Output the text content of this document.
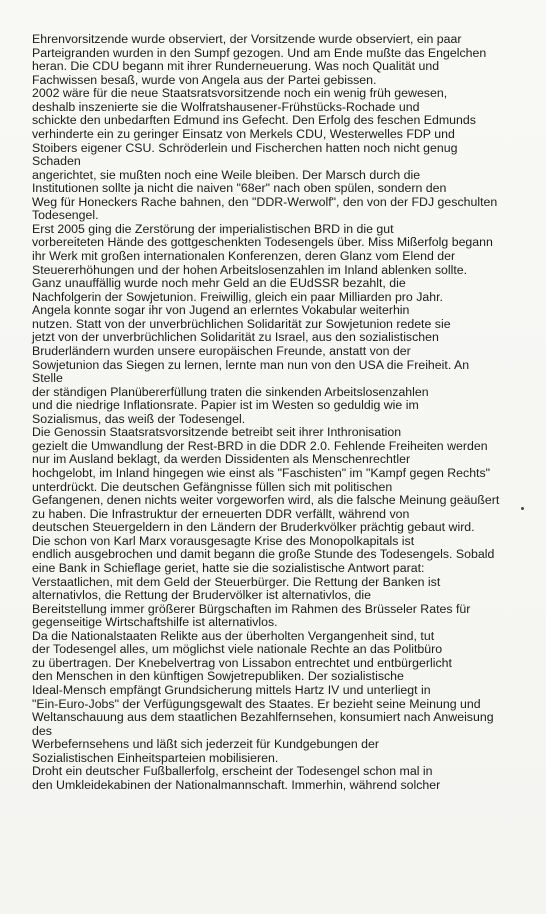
Ehrenvorsitzende wurde observiert, der Vorsitzende wurde observiert, ein paar
Parteigranden wurden in den Sumpf gezogen. Und am Ende mußte das Engelchen
heran. Die CDU begann mit ihrer Runderneuerung. Was noch Qualität und
Fachwissen besaß, wurde von Angela aus der Partei gebissen.
2002 wäre für die neue Staatsratsvorsitzende noch ein wenig früh gewesen,
deshalb inszenierte sie die Wolfratshausener-Frühstücks-Rochade und
schickte den unbedarften Edmund ins Gefecht. Den Erfolg des feschen Edmunds
verhinderte ein zu geringer Einsatz von Merkels CDU, Westerwelles FDP und
Stoibers eigener CSU. Schröderlein und Fischerchen hatten noch nicht genug
Schaden
angerichtet, sie mußten noch eine Weile bleiben. Der Marsch durch die
Institutionen sollte ja nicht die naiven "68er" nach oben spülen, sondern den
Weg für Honeckers Rache bahnen, den "DDR-Werwolf", den von der FDJ geschulten
Todesengel.
Erst 2005 ging die Zerstörung der imperialistischen BRD in die gut
vorbereiteten Hände des gottgeschenkten Todesengels über. Miss Mißerfolg begann
ihr Werk mit großen internationalen Konferenzen, deren Glanz vom Elend der
Steuererhöhungen und der hohen Arbeitslosenzahlen im Inland ablenken sollte.
Ganz unauffällig wurde noch mehr Geld an die EUdSSR bezahlt, die
Nachfolgerin der Sowjetunion. Freiwillig, gleich ein paar Milliarden pro Jahr.
Angela konnte sogar ihr von Jugend an erlerntes Vokabular weiterhin
nutzen. Statt von der unverbrüchlichen Solidarität zur Sowjetunion redete sie
jetzt von der unverbrüchlichen Solidarität zu Israel, aus den sozialistischen
Bruderländern wurden unsere europäischen Freunde, anstatt von der
Sowjetunion das Siegen zu lernen, lernte man nun von den USA die Freiheit. An
Stelle
der ständigen Planübererfüllung traten die sinkenden Arbeitslosenzahlen
und die niedrige Inflationsrate. Papier ist im Westen so geduldig wie im
Sozialismus, das weiß der Todesengel.
Die Genossin Staatsratsvorsitzende betreibt seit ihrer Inthronisation
gezielt die Umwandlung der Rest-BRD in die DDR 2.0. Fehlende Freiheiten werden
nur im Ausland beklagt, da werden Dissidenten als Menschenrechtler
hochgelobt, im Inland hingegen wie einst als "Faschisten" im "Kampf gegen Rechts"
unterdrückt. Die deutschen Gefängnisse füllen sich mit politischen
Gefangenen, denen nichts weiter vorgeworfen wird, als die falsche Meinung geäußert
zu haben. Die Infrastruktur der erneuerten DDR verfällt, während von
deutschen Steuergeldern in den Ländern der Bruderkvölker prächtig gebaut wird.
Die schon von Karl Marx vorausgesagte Krise des Monopolkapitals ist
endlich ausgebrochen und damit begann die große Stunde des Todesengels. Sobald
eine Bank in Schieflage geriet, hatte sie die sozialistische Antwort parat:
Verstaatlichen, mit dem Geld der Steuerbürger. Die Rettung der Banken ist
alternativlos, die Rettung der Brudervölker ist alternativlos, die
Bereitstellung immer größerer Bürgschaften im Rahmen des Brüsseler Rates für
gegenseitige Wirtschaftshilfe ist alternativlos.
Da die Nationalstaaten Relikte aus der überholten Vergangenheit sind, tut
der Todesengel alles, um möglichst viele nationale Rechte an das Politbüro
zu übertragen. Der Knebelvertrag von Lissabon entrechtet und entbürgerlicht
den Menschen in den künftigen Sowjetrepubliken. Der sozialistische
Ideal-Mensch empfängt Grundsicherung mittels Hartz IV und unterliegt in
"Ein-Euro-Jobs" der Verfügungsgewalt des Staates. Er bezieht seine Meinung und
Weltanschauung aus dem staatlichen Bezahlfernsehen, konsumiert nach Anweisung
des
Werbefernsehens und läßt sich jederzeit für Kundgebungen der
Sozialistischen Einheitsparteien mobilisieren.
Droht ein deutscher Fußballerfolg, erscheint der Todesengel schon mal in
den Umkleidekabinen der Nationalmannschaft. Immerhin, während solcher
